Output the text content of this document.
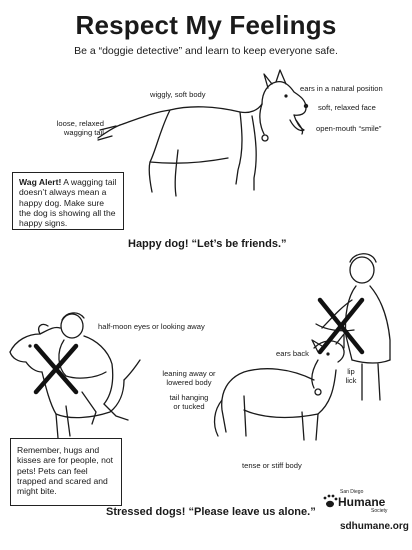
Respect My Feelings
Be a “doggie detective” and learn to keep everyone safe.
wiggly, soft body
ears in a natural position
soft, relaxed face
open-mouth “smile”
loose, relaxed
wagging tail
Wag Alert! A wagging tail doesn’t always mean a happy dog. Make sure the dog is showing all the happy signs.
Happy dog! “Let’s be friends.”
half-moon eyes or looking away
ears back
leaning away or
lowered body
tail hanging
or tucked
lip
lick
tense or stiff body
Remember, hugs and kisses are for people, not pets! Pets can feel trapped and scared and might bite.
Stressed dogs! “Please leave us alone.”
San Diego
Humane
Society
sdhumane.org
